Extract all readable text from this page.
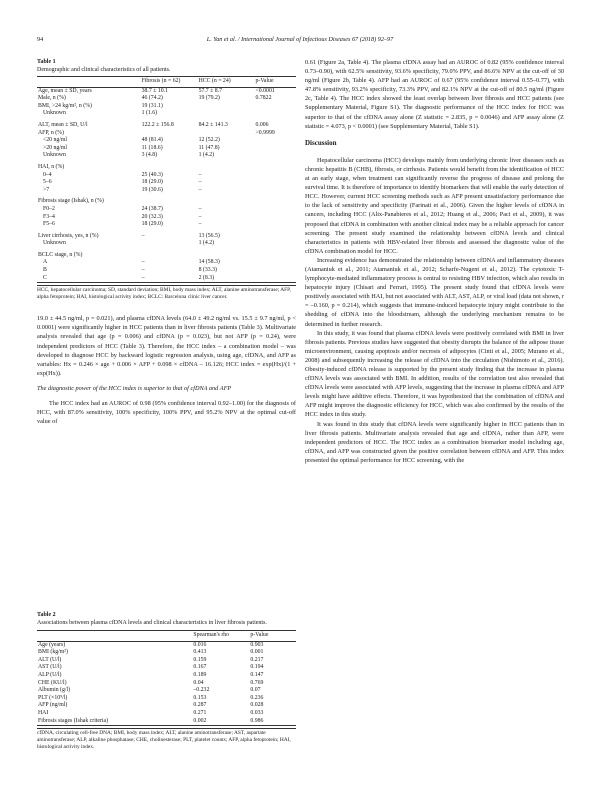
94	L. Yan et al. / International Journal of Infectious Diseases 67 (2018) 92–97
Table 1
Demographic and clinical characteristics of all patients.
	Fibrosis (n = 62)	HCC (n = 24)	p-Value
Age, mean ± SD, years	38.7 ± 10.1	57.7 ± 8.7	<0.0001
Male, n (%)	46 (74.2)	19 (79.2)	0.7822
BMI, >24 kg/m², n (%)	19 (31.1)		
Unknown	1 (1.6)		
ALT, mean ± SD, U/l	122.2 ± 156.8	84.2 ± 141.3	0.006
AFP, n (%)			>0.9999
<20 ng/ml	48 (81.4)	12 (52.2)	
>20 ng/ml	11 (18.6)	11 (47.8)	
Unknown	3 (4.8)	1 (4.2)	
HAI, n (%)			
0–4	25 (40.3)	–	
5–6	18 (29.0)	–	
>7	19 (30.6)	–	
Fibrosis stage (Ishak), n (%)			
F0–2	24 (38.7)	–	
F3–4	20 (32.3)	–	
F5–6	18 (29.0)	–	
Liver cirrhosis, yes, n (%)	–	13 (56.5)	
Unknown		1 (4.2)	
BCLC stage, n (%)			
A	–	14 (58.3)	
B	–	8 (33.3)	
C	–	2 (8.3)	
HCC, hepatocellular carcinoma; SD, standard deviation; BMI, body mass index; ALT, alanine aminotransferase; AFP, alpha fetoprotein; HAI, histological activity index; BCLC: Barcelona clinic liver cancer.

19.0 ± 44.5 ng/ml, p = 0.021), and plasma cfDNA levels (64.0 ± 49.2 ng/ml vs. 15.5 ± 9.7 ng/ml, p < 0.0001) were significantly higher in HCC patients than in liver fibrosis patients (Table 3). Multivariate analysis revealed that age (p = 0.006) and cfDNA (p = 0.023), but not AFP (p = 0.24), were independent predictors of HCC (Table 3). Therefore, the HCC index – a combination model – was developed to diagnose HCC by backward logistic regression analysis, using age, cfDNA, and AFP as variables: Hx = 0.246 × age + 0.006 × AFP + 0.098 × cfDNA – 16.126; HCC index = exp(Hx)/(1 + exp(Hx)).

The diagnostic power of the HCC index is superior to that of cfDNA and AFP

The HCC index had an AUROC of 0.98 (95% confidence interval 0.92–1.00) for the diagnosis of HCC, with 87.0% sensitivity, 100% specificity, 100% PPV, and 95.2% NPV at the optimal cut-off value of

Table 2
Associations between plasma cfDNA levels and clinical characteristics in liver fibrosis patients.
	Spearman's rho	p-Value
Age (years)	0.016	0.903
BMI (kg/m²)	0.413	0.001
ALT (U/l)	0.159	0.217
AST (U/l)	0.167	0.194
ALP (U/l)	0.189	0.147
CHE (KU/l)	0.04	0.769
Albumin (g/l)	–0.232	0.07
PLT (×10⁹/l)	0.153	0.236
AFP (ng/ml)	0.287	0.028
HAI	0.271	0.033
Fibrosis stages (Ishak criteria)	0.002	0.986
cfDNA, circulating cell-free DNA; BMI, body mass index; ALT, alanine aminotransferase; AST, aspartate aminotransferase; ALP, alkaline phosphatase; CHE, cholinesterase; PLT, platelet counts; AFP, alpha fetoprotein; HAI, histological activity index.

0.61 (Figure 2a, Table 4). The plasma cfDNA assay had an AUROC of 0.82 (95% confidence interval 0.73–0.90), with 62.5% sensitivity, 93.6% specificity, 79.0% PPV, and 86.6% NPV at the cut-off of 30 ng/ml (Figure 2b, Table 4). AFP had an AUROC of 0.67 (95% confidence interval 0.55–0.77), with 47.8% sensitivity, 93.2% specificity, 73.3% PPV, and 82.1% NPV at the cut-off of 80.5 ng/ml (Figure 2c, Table 4). The HCC index showed the least overlap between liver fibrosis and HCC patients (see Supplementary Material, Figure S1). The diagnostic performance of the HCC index for HCC was superior to that of the cfDNA assay alone (Z statistic = 2.835, p = 0.0046) and AFP assay alone (Z statistic = 4.073, p < 0.0001) (see Supplementary Material, Table S1).

Discussion

Hepatocellular carcinoma (HCC) develops mainly from underlying chronic liver diseases such as chronic hepatitis B (CHB), fibrosis, or cirrhosis. Patients would benefit from the identification of HCC at an early stage, when treatment can significantly reverse the progress of disease and prolong the survival time. It is therefore of importance to identify biomarkers that will enable the early detection of HCC. However, current HCC screening methods such as AFP present unsatisfactory performance due to the lack of sensitivity and specificity (Farinati et al., 2006). Given the higher levels of cfDNA in cancers, including HCC (Alix-Panabieres et al., 2012; Huang et al., 2006; Paci et al., 2009), it was proposed that cfDNA in combination with another clinical index may be a reliable approach for cancer screening. The present study examined the relationship between cfDNA levels and clinical characteristics in patients with HBV-related liver fibrosis and assessed the diagnostic value of the cfDNA combination model for HCC.

Increasing evidence has demonstrated the relationship between cfDNA and inflammatory diseases (Atamaniuk et al., 2011; Atamaniuk et al., 2012; Scharfe-Nugent et al., 2012). The cytotoxic T-lymphocyte-mediated inflammatory process is central to resisting HBV infection, which also results in hepatocyte injury (Chisari and Ferrari, 1995). The present study found that cfDNA levels were positively associated with HAI, but not associated with ALT, AST, ALP, or viral load (data not shown, r = –0.160, p = 0.214), which suggests that immune-induced hepatocyte injury might contribute to the shedding of cfDNA into the bloodstream, although the underlying mechanism remains to be determined in further research.

In this study, it was found that plasma cfDNA levels were positively correlated with BMI in liver fibrosis patients. Previous studies have suggested that obesity disrupts the balance of the adipose tissue microenvironment, causing apoptosis and/or necrosis of adipocytes (Cinti et al., 2005; Murano et al., 2008) and subsequently increasing the release of cfDNA into the circulation (Nishimoto et al., 2016). Obesity-induced cfDNA release is supported by the present study finding that the increase in plasma cfDNA levels was associated with BMI. In addition, results of the correlation test also revealed that cfDNA levels were associated with AFP levels, suggesting that the increase in plasma cfDNA and AFP levels might have additive effects. Therefore, it was hypothesized that the combination of cfDNA and AFP might improve the diagnostic efficiency for HCC, which was also confirmed by the results of the HCC index in this study.

It was found in this study that cfDNA levels were significantly higher in HCC patients than in liver fibrosis patients. Multivariate analysis revealed that age and cfDNA, rather than AFP, were independent predictors of HCC. The HCC index as a combination biomarker model including age, cfDNA, and AFP was constructed given the positive correlation between cfDNA and AFP. This index presented the optimal performance for HCC screening, with the
